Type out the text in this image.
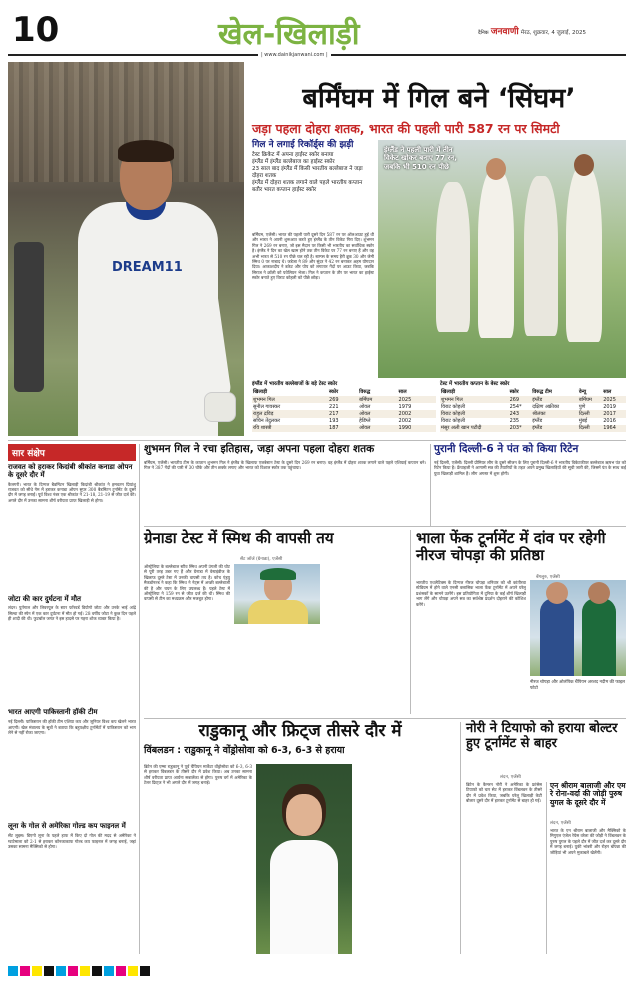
10	खेल-खिलाड़ी	दैनिक जनवाणी मेरठ, शुक्रवार, 4 जुलाई, 2025
| www.dainikjanwani.com |
DREAM11
बर्मिंघम में गिल बने ‘सिंघम’
जड़ा पहला दोहरा शतक, भारत की पहली पारी 587 रन पर सिमटी
गिल ने लगाई रिकॉर्ड्स की झड़ी
टेस्ट क्रिकेट में अपना हाईस्ट स्कोर बनाया
इंग्लैंड में इंग्लैंड बल्लेबाज का हाईस्ट स्कोर
23 साल बाद इंग्लैंड में किसी भारतीय बल्लेबाज ने जड़ा दोहरा शतक
इंग्लैंड में दोहरा शतक लगाने वाले पहले भारतीय कप्तान
बतौर भारत कप्तान हाईस्ट स्कोर
बर्मिंघम, एजेंसी। भारत की पहली पारी दूसरे दिन 587 रन पर ऑलआउट हुई थी और भारत ने अपनी शुरूआत करते हुए इंग्लैंड के तीन विकेट गिरा दिए। शुभमन गिल ने 269 रन बनाए, जो इस मैदान पर किसी भी भारतीय का सर्वाधिक स्कोर है। इंग्लैंड ने दिन का खेल खत्म होने तक तीन विकेट पर 77 रन बनाए हैं और वह अभी भारत से 510 रन पीछे चल रही है। स्टम्प्स के समय हैरी ब्रूक 30 और जेमी स्मिथ 0 पर नाबाद थे। जडेजा ने 89 और सुंदर ने 42 रन बनाकर अहम योगदान दिया। आकाशदीप ने डकेट और पोप को लगातार गेंदों पर आउट किया, जबकि सिराज ने क्रॉली को पवेलियन भेजा। गिल ने कप्तान के तौर पर भारत का हाईस्ट स्कोर बनाते हुए विराट कोहली को पीछे छोड़ा।
इंग्लैंड ने पहली पारी में तीन विकेट खोकर बनाए 77 रन, जबकि भी 510 रन पीछे
इंग्लैंड में भारतीय बल्लेबाजों के बड़े टेस्ट स्कोर
खिलाड़ी	स्कोर	विरुद्ध	साल
शुभमन गिल	269	बर्मिंघम	2025
सुनील गावस्कर	221	ओवल	1979
राहुल द्रविड़	217	ओवल	2002
सचिन तेंदुलकर	193	हेडिंग्ले	2002
रवि शास्त्री	187	ओवल	1990
टेस्ट में भारतीय कप्तान के बेस्ट स्कोर
खिलाड़ी	स्कोर	विरुद्ध टीम	वेन्यू	साल
शुभमन गिल	269	इंग्लैंड	बर्मिंघम	2025
विराट कोहली	254*	दक्षिण अफ्रीका	पुणे	2019
विराट कोहली	243	श्रीलंका	दिल्ली	2017
विराट कोहली	235	इंग्लैंड	मुंबई	2016
मंसूर अली खान पटौदी	203*	इंग्लैंड	दिल्ली	1964
सार संक्षेप
राजवत को हराकर किदांबी श्रीकांत कनाडा ओपन के दूसरे दौर में
कैलगरी। भारत के दिग्गज बैडमिंटन खिलाड़ी किदांबी श्रीकांत ने हमवतन प्रियांशु राजवत को सीधे गेम में हराकर कनाडा ओपन सुपर 300 बैडमिंटन टूर्नामेंट के दूसरे दौर में जगह बनाई। पूर्व विश्व नंबर एक श्रीकांत ने 21-18, 21-19 से जीत दर्ज की। अगले दौर में उनका सामना शीर्ष वरीयता प्राप्त खिलाड़ी से होगा।
जोटा की कार दुर्घटना में मौत
लंदन। पुर्तगाल और लिवरपूल के स्टार फॉरवर्ड डियोगो जोटा और उनके भाई आंद्रे सिल्वा की स्पेन में एक कार दुर्घटना में मौत हो गई। 28 वर्षीय जोटा ने कुछ दिन पहले ही शादी की थी। फुटबॉल जगत ने इस हादसे पर गहरा शोक व्यक्त किया है।
भारत आएगी पाकिस्तानी हॉकी टीम
नई दिल्ली। पाकिस्तान की हॉकी टीम एशिया कप और जूनियर विश्व कप खेलने भारत आएगी। खेल मंत्रालय के सूत्रों ने बताया कि बहुपक्षीय टूर्नामेंटों में पाकिस्तान को भाग लेने से नहीं रोका जाएगा।
लूना के गोल से अमेरिका गोल्ड कप फाइनल में
सेंट लुइस। डिएगो लूना के पहले हाफ में किए दो गोल की मदद से अमेरिका ने ग्वाटेमाला को 2-1 से हराकर कॉनकाकाफ गोल्ड कप फाइनल में जगह बनाई, जहां उसका सामना मैक्सिको से होगा।
शुभमन गिल ने रचा इतिहास, जड़ा अपना पहला दोहरा शतक
बर्मिंघम, एजेंसी। भारतीय टीम के कप्तान शुभमन गिल ने इंग्लैंड के खिलाफ एजबेस्टन टेस्ट के दूसरे दिन 269 रन बनाए। वह इंग्लैंड में दोहरा शतक लगाने वाले पहले एशियाई कप्तान बने। गिल ने 387 गेंदों की पारी में 30 चौके और तीन छक्के लगाए और भारत को विशाल स्कोर तक पहुंचाया।
पुरानी दिल्ली-6 ने पंत को किया रिटेन
नई दिल्ली, एजेंसी। दिल्ली प्रीमियर लीग के दूसरे सीजन के लिए पुरानी दिल्ली-6 ने भारतीय विकेटकीपर बल्लेबाज ऋषभ पंत को रिटेन किया है। फ्रेंचाइजी ने आगामी सत्र की तैयारियों के तहत अपने प्रमुख खिलाड़ियों की सूची जारी की, जिसमें पंत के साथ कई युवा खिलाड़ी शामिल हैं। लीग अगस्त में शुरू होगी।
ग्रेनाडा टेस्ट में स्मिथ की वापसी तय
सेंट जॉर्ज (ग्रेनाडा), एजेंसी
ऑस्ट्रेलिया के बल्लेबाज स्टीव स्मिथ अपनी उंगली की चोट से पूरी तरह उबर गए हैं और ग्रेनाडा में वेस्टइंडीज के खिलाफ दूसरे टेस्ट में उनकी वापसी तय है। कोच एंड्रयू मैकडॉनल्ड ने कहा कि स्मिथ ने नेट्स में अच्छी बल्लेबाजी की है और चयन के लिए उपलब्ध हैं। पहले टेस्ट में ऑस्ट्रेलिया ने 159 रन से जीत दर्ज की थी। स्मिथ की वापसी से टीम का मध्यक्रम और मजबूत होगा।
भाला फेंक टूर्नामेंट में दांव पर रहेगी नीरज चोपड़ा की प्रतिष्ठा
बेंगलुरु, एजेंसी
भारतीय एथलेटिक्स के दिग्गज नीरज चोपड़ा शनिवार को श्री कांतीरवा स्टेडियम में होने वाले एनसी क्लासिक भाला फेंक टूर्नामेंट में अपने घरेलू प्रशंसकों के सामने उतरेंगे। इस प्रतियोगिता में दुनिया के कई शीर्ष खिलाड़ी भाग लेंगे और चोपड़ा अपने सत्र का सर्वश्रेष्ठ प्रदर्शन दोहराने की कोशिश करेंगे।
नीरज चोपड़ा और ओलंपिक चैंपियन अरशद नदीम की फाइल फोटो
राडुकानू और फ्रिट्ज तीसरे दौर में
विंबलडन : राडुकानू ने वोंड्रोसोवा को 6-3, 6-3 से हराया
ब्रिटेन की एम्मा राडुकानू ने पूर्व चैंपियन मार्केटा वोंड्रोसोवा को 6-3, 6-3 से हराकर विंबलडन के तीसरे दौर में प्रवेश किया। अब उनका सामना शीर्ष वरीयता प्राप्त आर्यना सबालेंका से होगा। पुरुष वर्ग में अमेरिका के टेलर फ्रिट्ज ने भी अगले दौर में जगह बनाई।
नोरी ने टियाफो को हराया बोल्टर हुए टूर्नामेंट से बाहर
लंदन, एजेंसी
ब्रिटेन के कैमरन नोरी ने अमेरिका के फ्रांसेस टियाफो को चार सेट में हराकर विंबलडन के तीसरे दौर में प्रवेश किया, जबकि घरेलू खिलाड़ी केटी बोल्टर दूसरे दौर में हारकर टूर्नामेंट से बाहर हो गईं।
एन श्रीराम बालाजी और एम रे रोना-वर्दा की जोड़ी पुरुष युगल के दूसरे दौर में
लंदन, एजेंसी
भारत के एन श्रीराम बालाजी और मैक्सिको के मिगुएल एंजेल रेयेस वरेला की जोड़ी ने विंबलडन के पुरुष युगल के पहले दौर में जीत दर्ज कर दूसरे दौर में जगह बनाई। युकी भांबरी और रोहन बोपन्ना की जोड़ियां भी अपने मुकाबले खेलेंगी।
